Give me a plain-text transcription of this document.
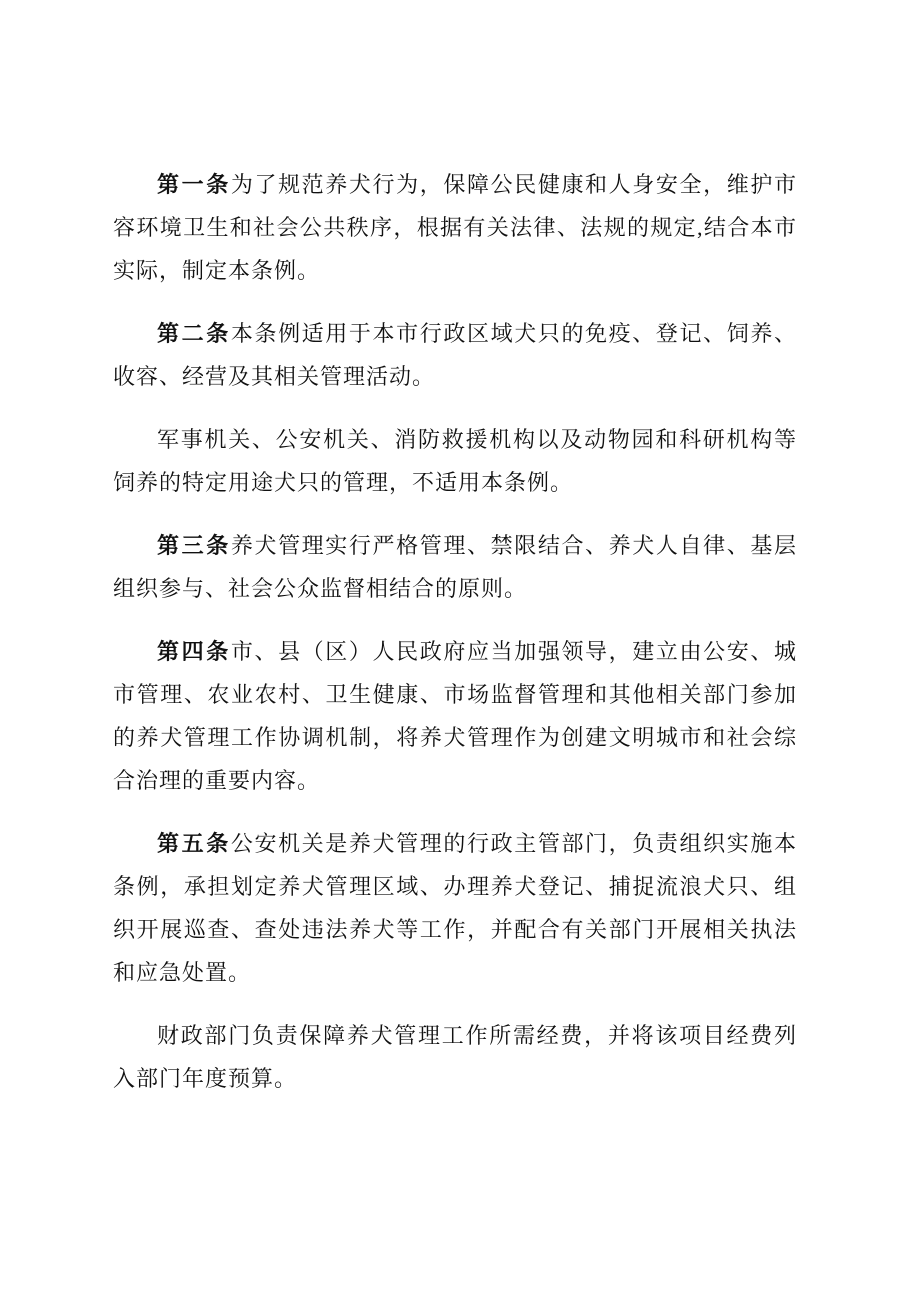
第一条为了规范养犬行为，保障公民健康和人身安全，维护市容环境卫生和社会公共秩序，根据有关法律、法规的规定,结合本市实际，制定本条例。

第二条本条例适用于本市行政区域犬只的免疫、登记、饲养、收容、经营及其相关管理活动。

军事机关、公安机关、消防救援机构以及动物园和科研机构等饲养的特定用途犬只的管理，不适用本条例。

第三条养犬管理实行严格管理、禁限结合、养犬人自律、基层组织参与、社会公众监督相结合的原则。

第四条市、县（区）人民政府应当加强领导，建立由公安、城市管理、农业农村、卫生健康、市场监督管理和其他相关部门参加的养犬管理工作协调机制，将养犬管理作为创建文明城市和社会综合治理的重要内容。

第五条公安机关是养犬管理的行政主管部门，负责组织实施本条例，承担划定养犬管理区域、办理养犬登记、捕捉流浪犬只、组织开展巡查、查处违法养犬等工作，并配合有关部门开展相关执法和应急处置。

财政部门负责保障养犬管理工作所需经费，并将该项目经费列入部门年度预算。
